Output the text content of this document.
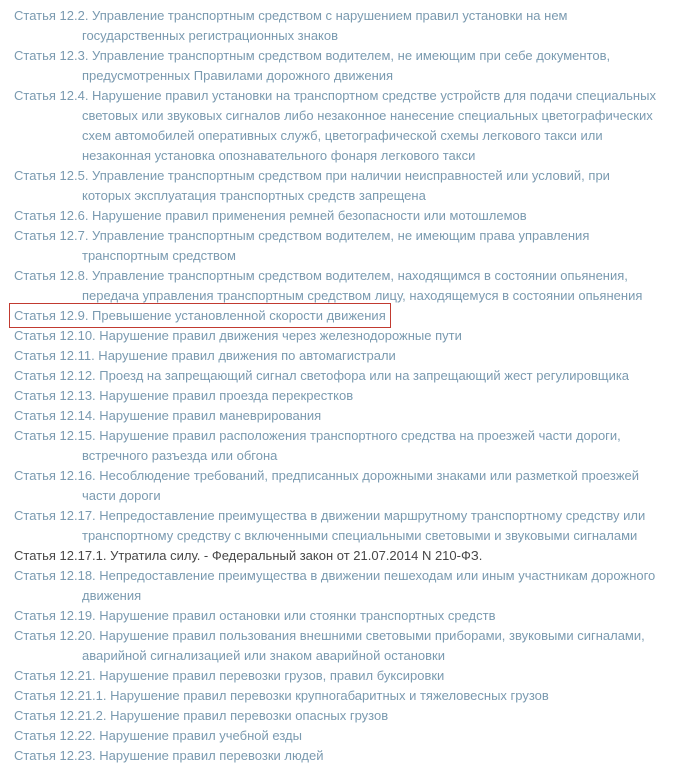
Статья 12.2. Управление транспортным средством с нарушением правил установки на нем
государственных регистрационных знаков
Статья 12.3. Управление транспортным средством водителем, не имеющим при себе документов,
предусмотренных Правилами дорожного движения
Статья 12.4. Нарушение правил установки на транспортном средстве устройств для подачи специальных
световых или звуковых сигналов либо незаконное нанесение специальных цветографических
схем автомобилей оперативных служб, цветографической схемы легкового такси или
незаконная установка опознавательного фонаря легкового такси
Статья 12.5. Управление транспортным средством при наличии неисправностей или условий, при
которых эксплуатация транспортных средств запрещена
Статья 12.6. Нарушение правил применения ремней безопасности или мотошлемов
Статья 12.7. Управление транспортным средством водителем, не имеющим права управления
транспортным средством
Статья 12.8. Управление транспортным средством водителем, находящимся в состоянии опьянения,
передача управления транспортным средством лицу, находящемуся в состоянии опьянения
Статья 12.9. Превышение установленной скорости движения
Статья 12.10. Нарушение правил движения через железнодорожные пути
Статья 12.11. Нарушение правил движения по автомагистрали
Статья 12.12. Проезд на запрещающий сигнал светофора или на запрещающий жест регулировщика
Статья 12.13. Нарушение правил проезда перекрестков
Статья 12.14. Нарушение правил маневрирования
Статья 12.15. Нарушение правил расположения транспортного средства на проезжей части дороги,
встречного разъезда или обгона
Статья 12.16. Несоблюдение требований, предписанных дорожными знаками или разметкой проезжей
части дороги
Статья 12.17. Непредоставление преимущества в движении маршрутному транспортному средству или
транспортному средству с включенными специальными световыми и звуковыми сигналами
Статья 12.17.1. Утратила силу. - Федеральный закон от 21.07.2014 N 210-ФЗ.
Статья 12.18. Непредоставление преимущества в движении пешеходам или иным участникам дорожного
движения
Статья 12.19. Нарушение правил остановки или стоянки транспортных средств
Статья 12.20. Нарушение правил пользования внешними световыми приборами, звуковыми сигналами,
аварийной сигнализацией или знаком аварийной остановки
Статья 12.21. Нарушение правил перевозки грузов, правил буксировки
Статья 12.21.1. Нарушение правил перевозки крупногабаритных и тяжеловесных грузов
Статья 12.21.2. Нарушение правил перевозки опасных грузов
Статья 12.22. Нарушение правил учебной езды
Статья 12.23. Нарушение правил перевозки людей
